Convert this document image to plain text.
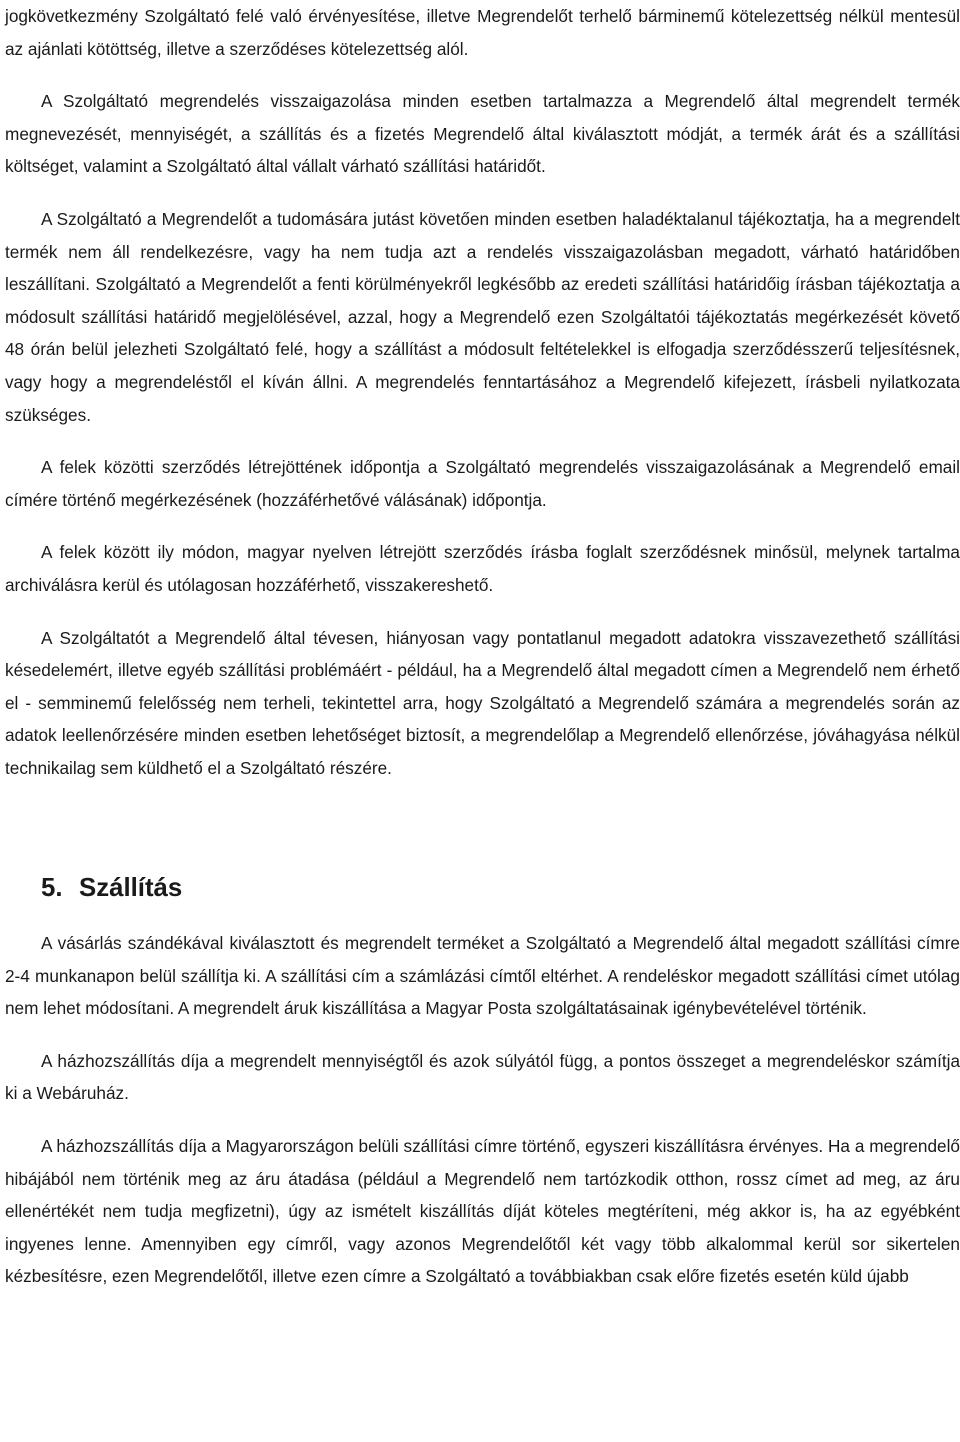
jogkövetkezmény Szolgáltató felé való érvényesítése, illetve Megrendelőt terhelő bárminemű kötelezettség nélkül mentesül az ajánlati kötöttség, illetve a szerződéses kötelezettség alól.

A Szolgáltató megrendelés visszaigazolása minden esetben tartalmazza a Megrendelő által megrendelt termék megnevezését, mennyiségét, a szállítás és a fizetés Megrendelő által kiválasztott módját, a termék árát és a szállítási költséget, valamint a Szolgáltató által vállalt várható szállítási határidőt.

A Szolgáltató a Megrendelőt a tudomására jutást követően minden esetben haladéktalanul tájékoztatja, ha a megrendelt termék nem áll rendelkezésre, vagy ha nem tudja azt a rendelés visszaigazolásban megadott, várható határidőben leszállítani. Szolgáltató a Megrendelőt a fenti körülményekről legkésőbb az eredeti szállítási határidőig írásban tájékoztatja a módosult szállítási határidő megjelölésével, azzal, hogy a Megrendelő ezen Szolgáltatói tájékoztatás megérkezését követő 48 órán belül jelezheti Szolgáltató felé, hogy a szállítást a módosult feltételekkel is elfogadja szerződésszerű teljesítésnek, vagy hogy a megrendeléstől el kíván állni. A megrendelés fenntartásához a Megrendelő kifejezett, írásbeli nyilatkozata szükséges.

A felek közötti szerződés létrejöttének időpontja a Szolgáltató megrendelés visszaigazolásának a Megrendelő email címére történő megérkezésének (hozzáférhetővé válásának) időpontja.

A felek között ily módon, magyar nyelven létrejött szerződés írásba foglalt szerződésnek minősül, melynek tartalma archiválásra kerül és utólagosan hozzáférhető, visszakereshető.

A Szolgáltatót a Megrendelő által tévesen, hiányosan vagy pontatlanul megadott adatokra visszavezethető szállítási késedelemért, illetve egyéb szállítási problémáért - például, ha a Megrendelő által megadott címen a Megrendelő nem érhető el - semminemű felelősség nem terheli, tekintettel arra, hogy Szolgáltató a Megrendelő számára a megrendelés során az adatok leellenőrzésére minden esetben lehetőséget biztosít, a megrendelőlap a Megrendelő ellenőrzése, jóváhagyása nélkül technikailag sem küldhető el a Szolgáltató részére.

5. Szállítás

A vásárlás szándékával kiválasztott és megrendelt terméket a Szolgáltató a Megrendelő által megadott szállítási címre 2-4 munkanapon belül szállítja ki. A szállítási cím a számlázási címtől eltérhet. A rendeléskor megadott szállítási címet utólag nem lehet módosítani. A megrendelt áruk kiszállítása a Magyar Posta szolgáltatásainak igénybevételével történik.

A házhozszállítás díja a megrendelt mennyiségtől és azok súlyától függ, a pontos összeget a megrendeléskor számítja ki a Webáruház.

A házhozszállítás díja a Magyarországon belüli szállítási címre történő, egyszeri kiszállításra érvényes. Ha a megrendelő hibájából nem történik meg az áru átadása (például a Megrendelő nem tartózkodik otthon, rossz címet ad meg, az áru ellenértékét nem tudja megfizetni), úgy az ismételt kiszállítás díját köteles megtéríteni, még akkor is, ha az egyébként ingyenes lenne. Amennyiben egy címről, vagy azonos Megrendelőtől két vagy több alkalommal kerül sor sikertelen kézbesítésre, ezen Megrendelőtől, illetve ezen címre a Szolgáltató a továbbiakban csak előre fizetés esetén küld újabb
